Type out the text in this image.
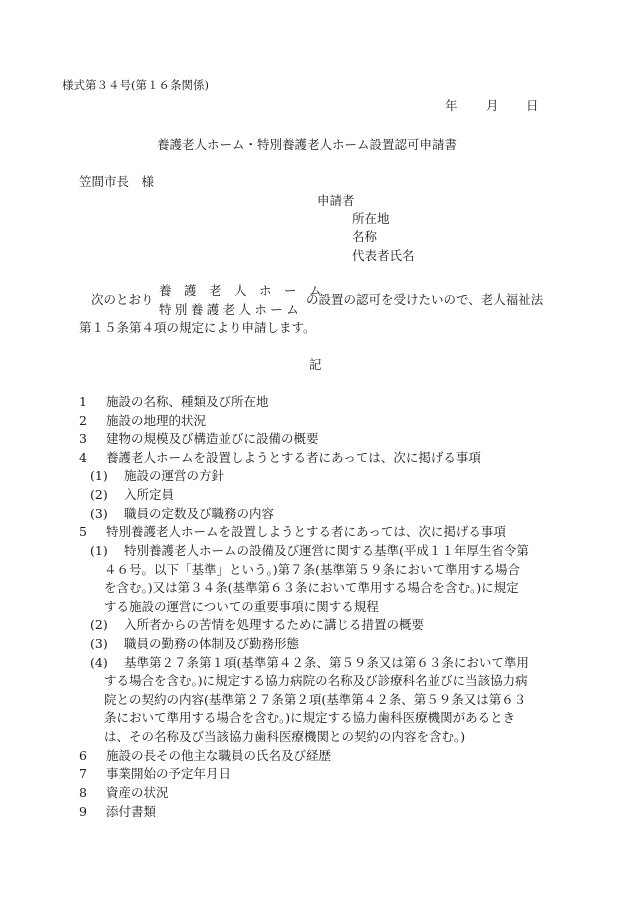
様式第３４号(第１６条関係)
年 月 日
養護老人ホーム・特別養護老人ホーム設置認可申請書
笠間市長　様
申請者
所在地
名称
代表者氏名
次のとおり
養　護　老　人　ホ　ー　ム
特別養護老人ホーム
の設置の認可を受けたいので、老人福祉法
第１５条第４項の規定により申請します。
記
1 施設の名称、種類及び所在地
2 施設の地理的状況
3 建物の規模及び構造並びに設備の概要
4 養護老人ホームを設置しようとする者にあっては、次に掲げる事項
(1) 施設の運営の方針
(2) 入所定員
(3) 職員の定数及び職務の内容
5 特別養護老人ホームを設置しようとする者にあっては、次に掲げる事項
(1) 特別養護老人ホームの設備及び運営に関する基準(平成１１年厚生省令第
４６号。以下「基準」という。)第７条(基準第５９条において準用する場合
を含む。)又は第３４条(基準第６３条において準用する場合を含む。)に規定
する施設の運営についての重要事項に関する規程
(2) 入所者からの苦情を処理するために講じる措置の概要
(3) 職員の勤務の体制及び勤務形態
(4) 基準第２７条第１項(基準第４２条、第５９条又は第６３条において準用
する場合を含む。)に規定する協力病院の名称及び診療科名並びに当該協力病
院との契約の内容(基準第２７条第２項(基準第４２条、第５９条又は第６３
条において準用する場合を含む。)に規定する協力歯科医療機関があるとき
は、その名称及び当該協力歯科医療機関との契約の内容を含む。)
6 施設の長その他主な職員の氏名及び経歴
7 事業開始の予定年月日
8 資産の状況
9 添付書類
